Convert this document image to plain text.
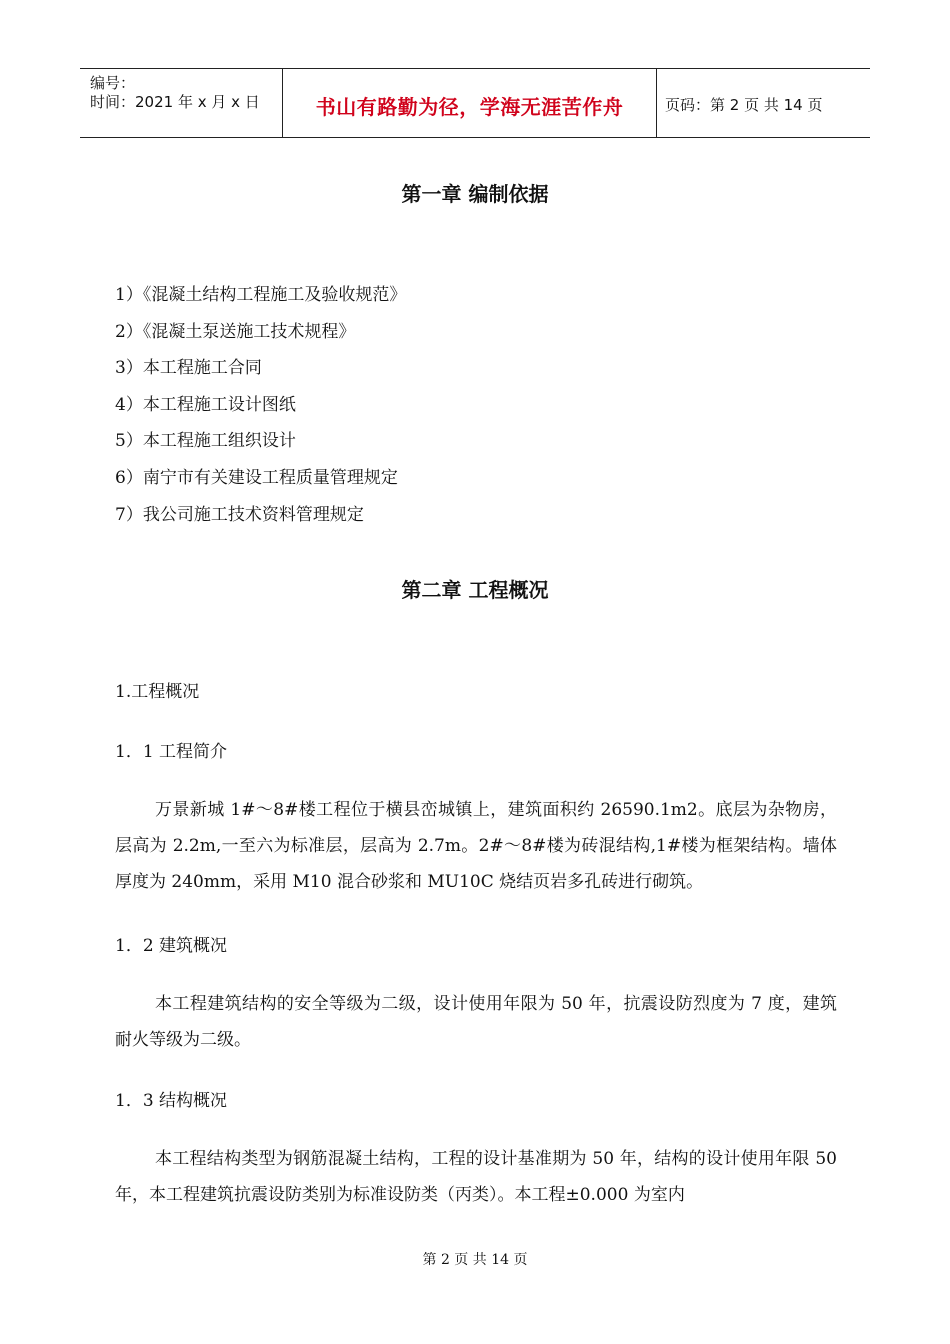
编号：
时间：2021 年 x 月 x 日	书山有路勤为径，学海无涯苦作舟	页码：第 2 页 共 14 页
第一章 编制依据
1）《混凝土结构工程施工及验收规范》
2）《混凝土泵送施工技术规程》
3）本工程施工合同
4）本工程施工设计图纸
5）本工程施工组织设计
6）南宁市有关建设工程质量管理规定
7）我公司施工技术资料管理规定
第二章 工程概况
1.工程概况
1．1 工程简介

万景新城 1#～8#楼工程位于横县峦城镇上，建筑面积约 26590.1m2。底层为杂物房，层高为 2.2m,一至六为标准层，层高为 2.7m。2#～8#楼为砖混结构,1#楼为框架结构。墙体厚度为 240mm，采用 M10 混合砂浆和 MU10C 烧结页岩多孔砖进行砌筑。

1．2 建筑概况

本工程建筑结构的安全等级为二级，设计使用年限为 50 年，抗震设防烈度为 7 度，建筑耐火等级为二级。

1．3 结构概况

本工程结构类型为钢筋混凝土结构，工程的设计基准期为 50 年，结构的设计使用年限 50 年，本工程建筑抗震设防类别为标准设防类（丙类）。本工程±0.000 为室内

第 2 页 共 14 页
